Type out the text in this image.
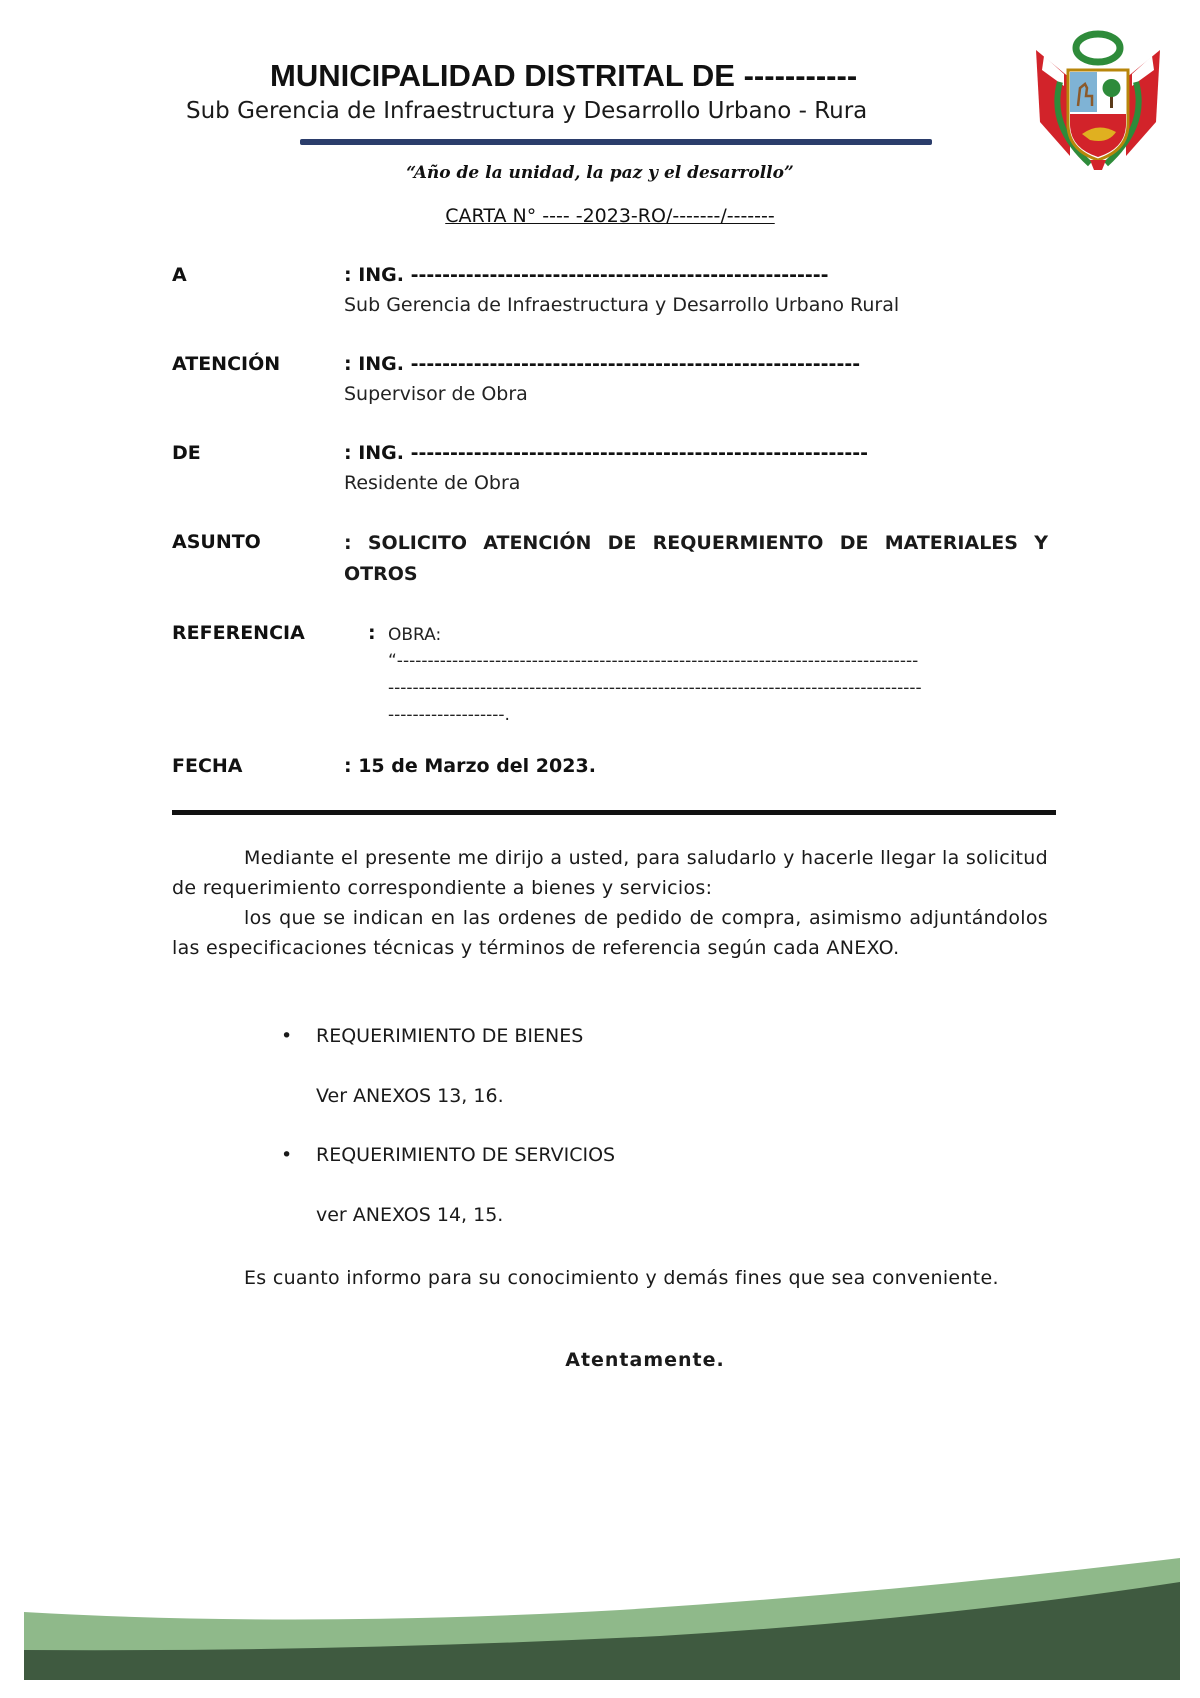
MUNICIPALIDAD DISTRITAL DE -----------
Sub Gerencia de Infraestructura y Desarrollo Urbano - Rura
“Año de la unidad, la paz y el desarrollo”
CARTA N° ---- -2023-RO/-------/-------
A	: ING. -----------------------------------------------------
Sub Gerencia de Infraestructura y Desarrollo Urbano Rural
ATENCIÓN	: ING. ---------------------------------------------------------
Supervisor de Obra
DE	: ING. ----------------------------------------------------------
Residente de Obra
ASUNTO	: SOLICITO ATENCIÓN DE REQUERMIENTO DE MATERIALES Y OTROS
REFERENCIA	: OBRA:
“-------------------------------------------------------------------------------------
---------------------------------------------------------------------------------------
-------------------.
FECHA	: 15 de Marzo del 2023.
Mediante el presente me dirijo a usted, para saludarlo y hacerle llegar la solicitud de requerimiento correspondiente a bienes y servicios:
los que se indican en las ordenes de pedido de compra, asimismo adjuntándolos las especificaciones técnicas y términos de referencia según cada ANEXO.
• REQUERIMIENTO DE BIENES
Ver ANEXOS 13, 16.
• REQUERIMIENTO DE SERVICIOS
ver ANEXOS 14, 15.
Es cuanto informo para su conocimiento y demás fines que sea conveniente.
Atentamente.
